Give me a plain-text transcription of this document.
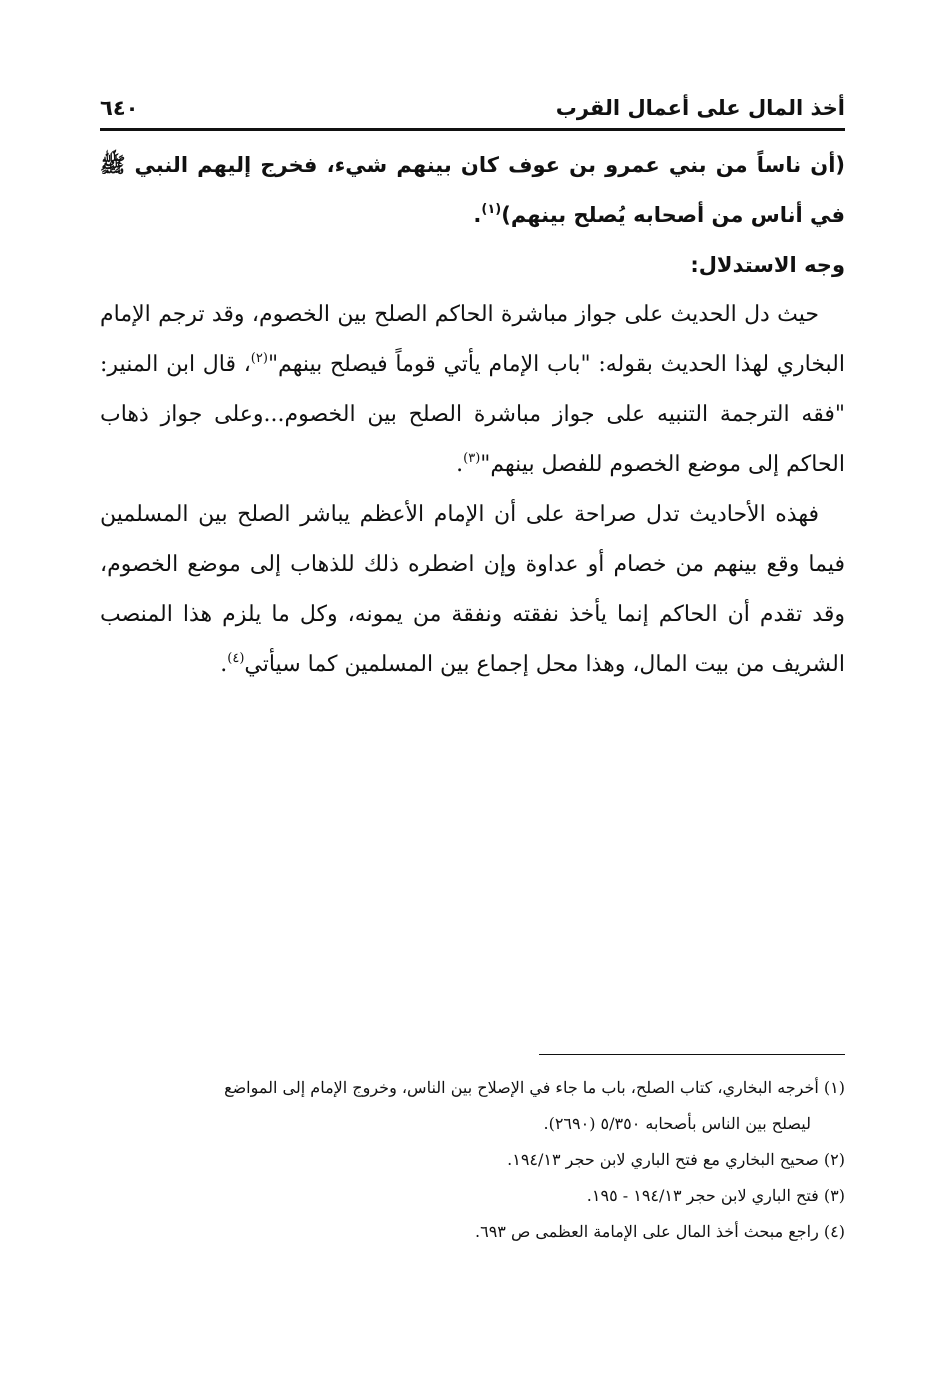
أخذ المال على أعمال القرب
٦٤٠

(أن ناساً من بني عمرو بن عوف كان بينهم شيء، فخرج إليهم النبي ﷺ في أناس من أصحابه يُصلح بينهم)$^{(١)}$.

وجه الاستدلال:

حيث دل الحديث على جواز مباشرة الحاكم الصلح بين الخصوم، وقد ترجم الإمام البخاري لهذا الحديث بقوله: "باب الإمام يأتي قوماً فيصلح بينهم"$^{(٢)}$، قال ابن المنير: "فقه الترجمة التنبيه على جواز مباشرة الصلح بين الخصوم...وعلى جواز ذهاب الحاكم إلى موضع الخصوم للفصل بينهم"$^{(٣)}$.

فهذه الأحاديث تدل صراحة على أن الإمام الأعظم يباشر الصلح بين المسلمين فيما وقع بينهم من خصام أو عداوة وإن اضطره ذلك للذهاب إلى موضع الخصوم، وقد تقدم أن الحاكم إنما يأخذ نفقته ونفقة من يمونه، وكل ما يلزم هذا المنصب الشريف من بيت المال، وهذا محل إجماع بين المسلمين كما سيأتي$^{(٤)}$.

(١) أخرجه البخاري، كتاب الصلح، باب ما جاء في الإصلاح بين الناس، وخروج الإمام إلى المواضع

ليصلح بين الناس بأصحابه ٥/٣٥٠ (٢٦٩٠).

(٢) صحيح البخاري مع فتح الباري لابن حجر ١٩٤/١٣.

(٣) فتح الباري لابن حجر ١٩٤/١٣ - ١٩٥.

(٤) راجع مبحث أخذ المال على الإمامة العظمى ص ٦٩٣.
